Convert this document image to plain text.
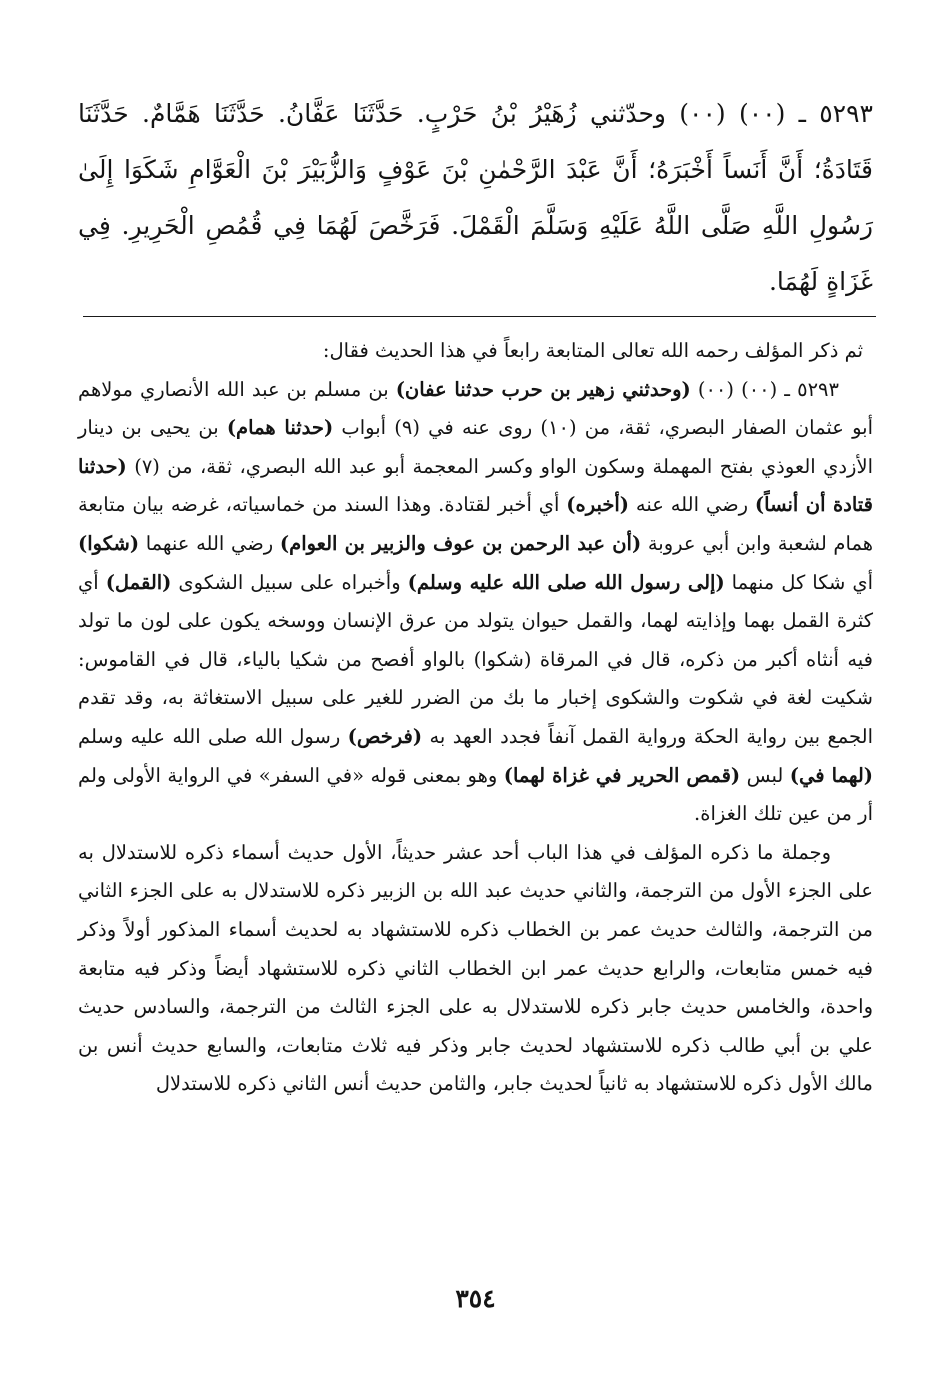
٥٢٩٣ ـ (٠٠) (٠٠) وحدّثني زُهَيْرُ بْنُ حَرْبٍ. حَدَّثَنَا عَفَّانُ. حَدَّثَنَا هَمَّامٌ. حَدَّثَنَا قَتَادَةُ؛ أَنَّ أَنَساً أَخْبَرَهُ؛ أَنَّ عَبْدَ الرَّحْمٰنِ بْنَ عَوْفٍ وَالزُّبَيْرَ بْنَ الْعَوَّامِ شَكَوَا إِلَىٰ رَسُولِ اللَّهِ صَلَّى اللَّهُ عَلَيْهِ وَسَلَّمَ الْقَمْلَ. فَرَخَّصَ لَهُمَا فِي قُمُصِ الْحَرِيرِ. فِي غَزَاةٍ لَهُمَا.

ثم ذكر المؤلف رحمه الله تعالى المتابعة رابعاً في هذا الحديث فقال:

٥٢٩٣ ـ (٠٠) (٠٠) (وحدثني زهير بن حرب حدثنا عفان) بن مسلم بن عبد الله الأنصاري مولاهم أبو عثمان الصفار البصري، ثقة، من (١٠) روى عنه في (٩) أبواب (حدثنا همام) بن يحيى بن دينار الأزدي العوذي بفتح المهملة وسكون الواو وكسر المعجمة أبو عبد الله البصري، ثقة، من (٧) (حدثنا قتادة أن أنساً) رضي الله عنه (أخبره) أي أخبر لقتادة. وهذا السند من خماسياته، غرضه بيان متابعة همام لشعبة وابن أبي عروبة (أن عبد الرحمن بن عوف والزبير بن العوام) رضي الله عنهما (شكوا) أي شكا كل منهما (إلى رسول الله صلى الله عليه وسلم) وأخبراه على سبيل الشكوى (القمل) أي كثرة القمل بهما وإذايته لهما، والقمل حيوان يتولد من عرق الإنسان ووسخه يكون على لون ما تولد فيه أنثاه أكبر من ذكره، قال في المرقاة (شكوا) بالواو أفصح من شكيا بالياء، قال في القاموس: شكيت لغة في شكوت والشكوى إخبار ما بك من الضرر للغير على سبيل الاستغاثة به، وقد تقدم الجمع بين رواية الحكة ورواية القمل آنفاً فجدد العهد به (فرخص) رسول الله صلى الله عليه وسلم (لهما في) لبس (قمص الحرير في غزاة لهما) وهو بمعنى قوله «في السفر» في الرواية الأولى ولم أر من عين تلك الغزاة.

وجملة ما ذكره المؤلف في هذا الباب أحد عشر حديثاً، الأول حديث أسماء ذكره للاستدلال به على الجزء الأول من الترجمة، والثاني حديث عبد الله بن الزبير ذكره للاستدلال به على الجزء الثاني من الترجمة، والثالث حديث عمر بن الخطاب ذكره للاستشهاد به لحديث أسماء المذكور أولاً وذكر فيه خمس متابعات، والرابع حديث عمر ابن الخطاب الثاني ذكره للاستشهاد أيضاً وذكر فيه متابعة واحدة، والخامس حديث جابر ذكره للاستدلال به على الجزء الثالث من الترجمة، والسادس حديث علي بن أبي طالب ذكره للاستشهاد لحديث جابر وذكر فيه ثلاث متابعات، والسابع حديث أنس بن مالك الأول ذكره للاستشهاد به ثانياً لحديث جابر، والثامن حديث أنس الثاني ذكره للاستدلال

٣٥٤
